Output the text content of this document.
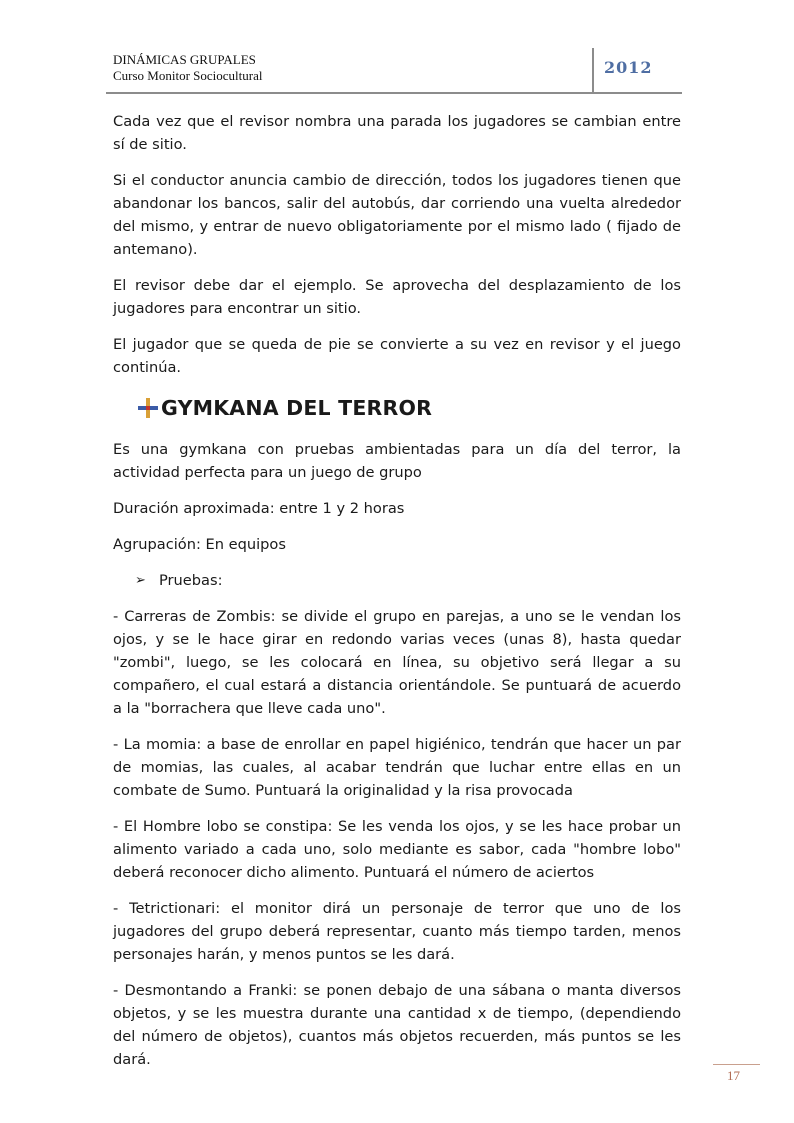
DINÁMICAS GRUPALES
Curso Monitor Sociocultural	2012

Cada vez que el revisor nombra una parada los jugadores se cambian entre sí de sitio.

Si el conductor anuncia cambio de dirección, todos los jugadores tienen que abandonar los bancos, salir del autobús, dar corriendo una vuelta alrededor del mismo, y entrar de nuevo obligatoriamente por el mismo lado ( fijado de antemano).

El revisor debe dar el ejemplo. Se aprovecha del desplazamiento de los jugadores para encontrar un sitio.

El jugador que se queda de pie se convierte a su vez en revisor y el juego continúa.

GYMKANA DEL TERROR

Es una gymkana con pruebas ambientadas para un día del terror, la actividad perfecta para un juego de grupo

Duración aproximada: entre 1 y 2 horas

Agrupación: En equipos

➢ Pruebas:

- Carreras de Zombis: se divide el grupo en parejas, a uno se le vendan los ojos, y se le hace girar en redondo varias veces (unas 8), hasta quedar "zombi", luego, se les colocará en línea, su objetivo será llegar a su compañero, el cual estará a distancia orientándole. Se puntuará de acuerdo a la "borrachera que lleve cada uno".

- La momia: a base de enrollar en papel higiénico, tendrán que hacer un par de momias, las cuales, al acabar tendrán que luchar entre ellas en un combate de Sumo. Puntuará la originalidad y la risa provocada

- El Hombre lobo se constipa: Se les venda los ojos, y se les hace probar un alimento variado a cada uno, solo mediante es sabor, cada "hombre lobo" deberá reconocer dicho alimento. Puntuará el número de aciertos

- Tetrictionari: el monitor dirá un personaje de terror que uno de los jugadores del grupo deberá representar, cuanto más tiempo tarden, menos personajes harán, y menos puntos se les dará.

- Desmontando a Franki: se ponen debajo de una sábana o manta diversos objetos, y se les muestra durante una cantidad x de tiempo, (dependiendo del número de objetos), cuantos más objetos recuerden, más puntos se les dará.

17
